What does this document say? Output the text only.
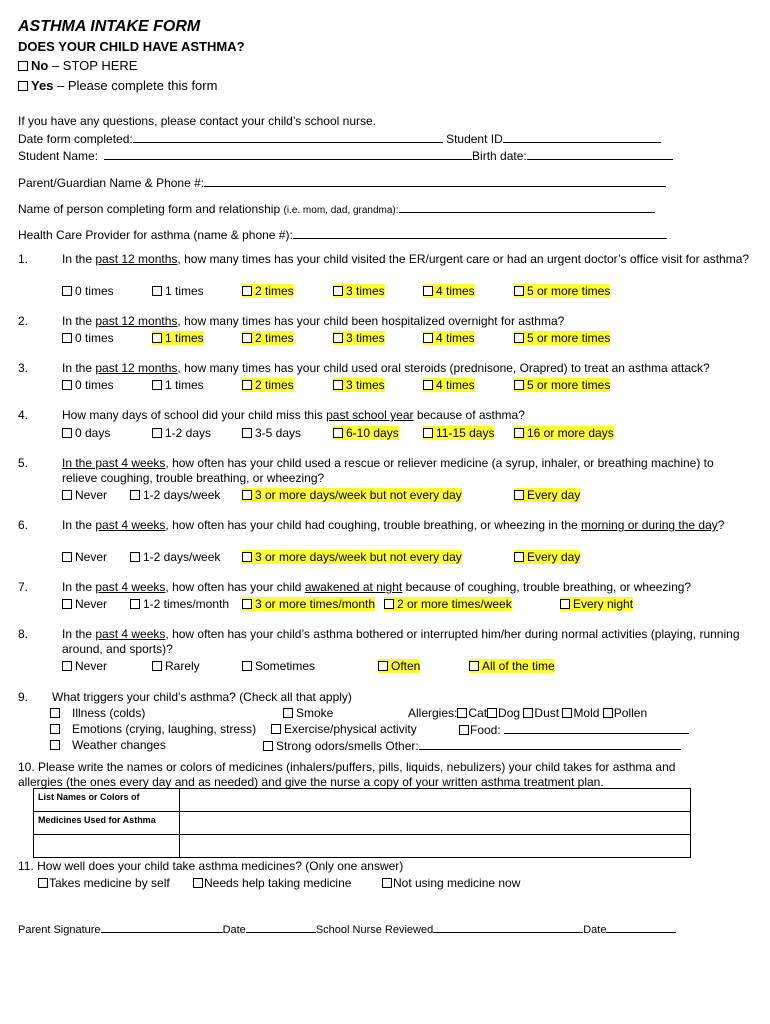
ASTHMA INTAKE FORM
DOES YOUR CHILD HAVE ASTHMA?
No – STOP HERE
Yes – Please complete this form
If you have any questions, please contact your child’s school nurse.
Date form completed:	Student ID
Student Name:	Birth date:
Parent/Guardian Name & Phone #:
Name of person completing form and relationship (i.e. mom, dad, grandma):
Health Care Provider for asthma (name & phone #):
1.	In the past 12 months, how many times has your child visited the ER/urgent care or had an urgent doctor’s office visit for asthma?
0 times	1 times	2 times	3 times	4 times	5 or more times
2.	In the past 12 months, how many times has your child been hospitalized overnight for asthma?
0 times	1 times	2 times	3 times	4 times	5 or more times
3.	In the past 12 months, how many times has your child used oral steroids (prednisone, Orapred) to treat an asthma attack?
0 times	1 times	2 times	3 times	4 times	5 or more times
4.	How many days of school did your child miss this past school year because of asthma?
0 days	1-2 days	3-5 days	6-10 days	11-15 days	16 or more days
5.	In the past 4 weeks, how often has your child used a rescue or reliever medicine (a syrup, inhaler, or breathing machine) to relieve coughing, trouble breathing, or wheezing?
Never	1-2 days/week	3 or more days/week but not every day	Every day
6.	In the past 4 weeks, how often has your child had coughing, trouble breathing, or wheezing in the morning or during the day?
Never	1-2 days/week	3 or more days/week but not every day	Every day
7.	In the past 4 weeks, how often has your child awakened at night because of coughing, trouble breathing, or wheezing?
Never	1-2 times/month	3 or more times/month	2 or more times/week	Every night
8.	In the past 4 weeks, how often has your child’s asthma bothered or interrupted him/her during normal activities (playing, running around, and sports)?
Never	Rarely	Sometimes	Often	All of the time
9. What triggers your child’s asthma? (Check all that apply)
Illness (colds)
Emotions (crying, laughing, stress)
Weather changes
Smoke
Exercise/physical activity
Strong odors/smells Other:
Allergies: Cat Dog Dust Mold Pollen
Food:
10. Please write the names or colors of medicines (inhalers/puffers, pills, liquids, nebulizers) your child takes for asthma and allergies (the ones every day and as needed) and give the nurse a copy of your written asthma treatment plan.
List Names or Colors of	
Medicines Used for Asthma	

11. How well does your child take asthma medicines? (Only one answer)
Takes medicine by self	Needs help taking medicine	Not using medicine now
Parent Signature	Date	School Nurse Reviewed	Date
